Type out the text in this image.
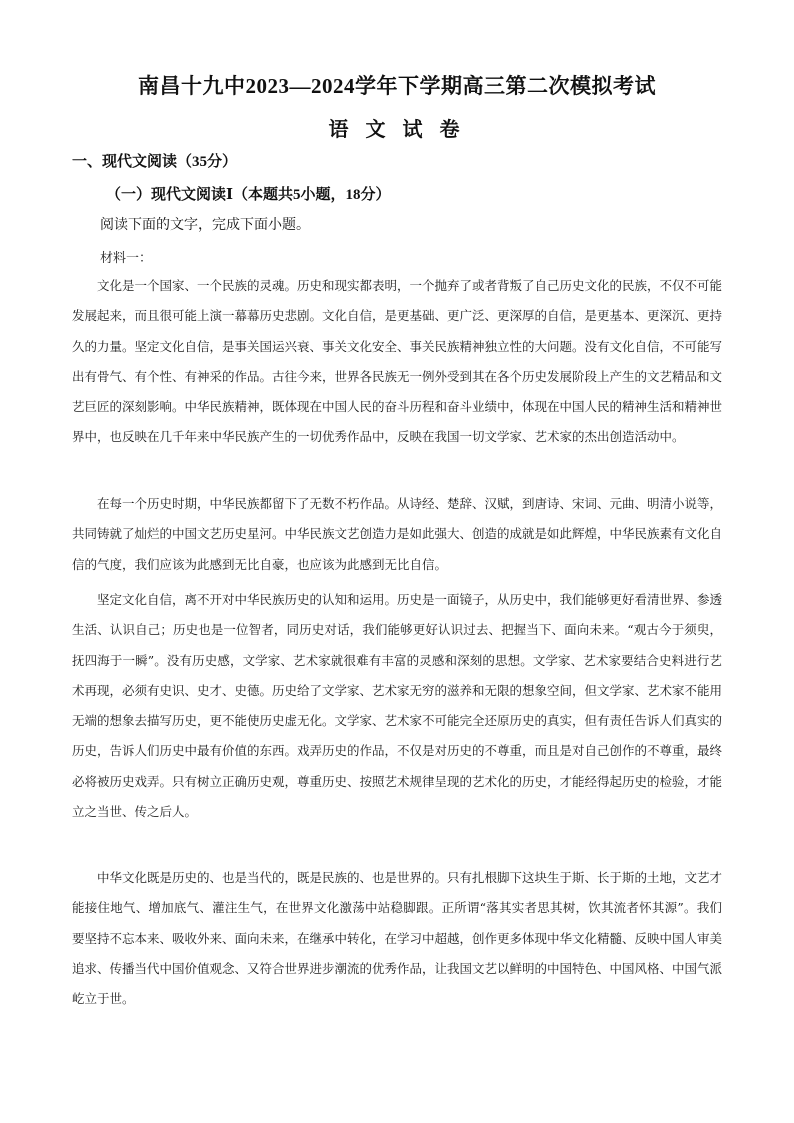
南昌十九中2023—2024学年下学期高三第二次模拟考试
语 文 试 卷
一、现代文阅读（35分）
（一）现代文阅读Ⅰ（本题共5小题，18分）
阅读下面的文字，完成下面小题。
材料一：

文化是一个国家、一个民族的灵魂。历史和现实都表明，一个抛弃了或者背叛了自己历史文化的民族，不仅不可能发展起来，而且很可能上演一幕幕历史悲剧。文化自信，是更基础、更广泛、更深厚的自信，是更基本、更深沉、更持久的力量。坚定文化自信，是事关国运兴衰、事关文化安全、事关民族精神独立性的大问题。没有文化自信，不可能写出有骨气、有个性、有神采的作品。古往今来，世界各民族无一例外受到其在各个历史发展阶段上产生的文艺精品和文艺巨匠的深刻影响。中华民族精神，既体现在中国人民的奋斗历程和奋斗业绩中，体现在中国人民的精神生活和精神世界中，也反映在几千年来中华民族产生的一切优秀作品中，反映在我国一切文学家、艺术家的杰出创造活动中。

在每一个历史时期，中华民族都留下了无数不朽作品。从诗经、楚辞、汉赋，到唐诗、宋词、元曲、明清小说等，共同铸就了灿烂的中国文艺历史星河。中华民族文艺创造力是如此强大、创造的成就是如此辉煌，中华民族素有文化自信的气度，我们应该为此感到无比自豪，也应该为此感到无比自信。

坚定文化自信，离不开对中华民族历史的认知和运用。历史是一面镜子，从历史中，我们能够更好看清世界、参透生活、认识自己；历史也是一位智者，同历史对话，我们能够更好认识过去、把握当下、面向未来。“观古今于须臾，抚四海于一瞬”。没有历史感，文学家、艺术家就很难有丰富的灵感和深刻的思想。文学家、艺术家要结合史料进行艺术再现，必须有史识、史才、史德。历史给了文学家、艺术家无穷的滋养和无限的想象空间，但文学家、艺术家不能用无端的想象去描写历史，更不能使历史虚无化。文学家、艺术家不可能完全还原历史的真实，但有责任告诉人们真实的历史，告诉人们历史中最有价值的东西。戏弄历史的作品，不仅是对历史的不尊重，而且是对自己创作的不尊重，最终必将被历史戏弄。只有树立正确历史观，尊重历史、按照艺术规律呈现的艺术化的历史，才能经得起历史的检验，才能立之当世、传之后人。

中华文化既是历史的、也是当代的，既是民族的、也是世界的。只有扎根脚下这块生于斯、长于斯的土地，文艺才能接住地气、增加底气、灌注生气，在世界文化激荡中站稳脚跟。正所谓“落其实者思其树，饮其流者怀其源”。我们要坚持不忘本来、吸收外来、面向未来，在继承中转化，在学习中超越，创作更多体现中华文化精髓、反映中国人审美追求、传播当代中国价值观念、又符合世界进步潮流的优秀作品，让我国文艺以鲜明的中国特色、中国风格、中国气派屹立于世。
